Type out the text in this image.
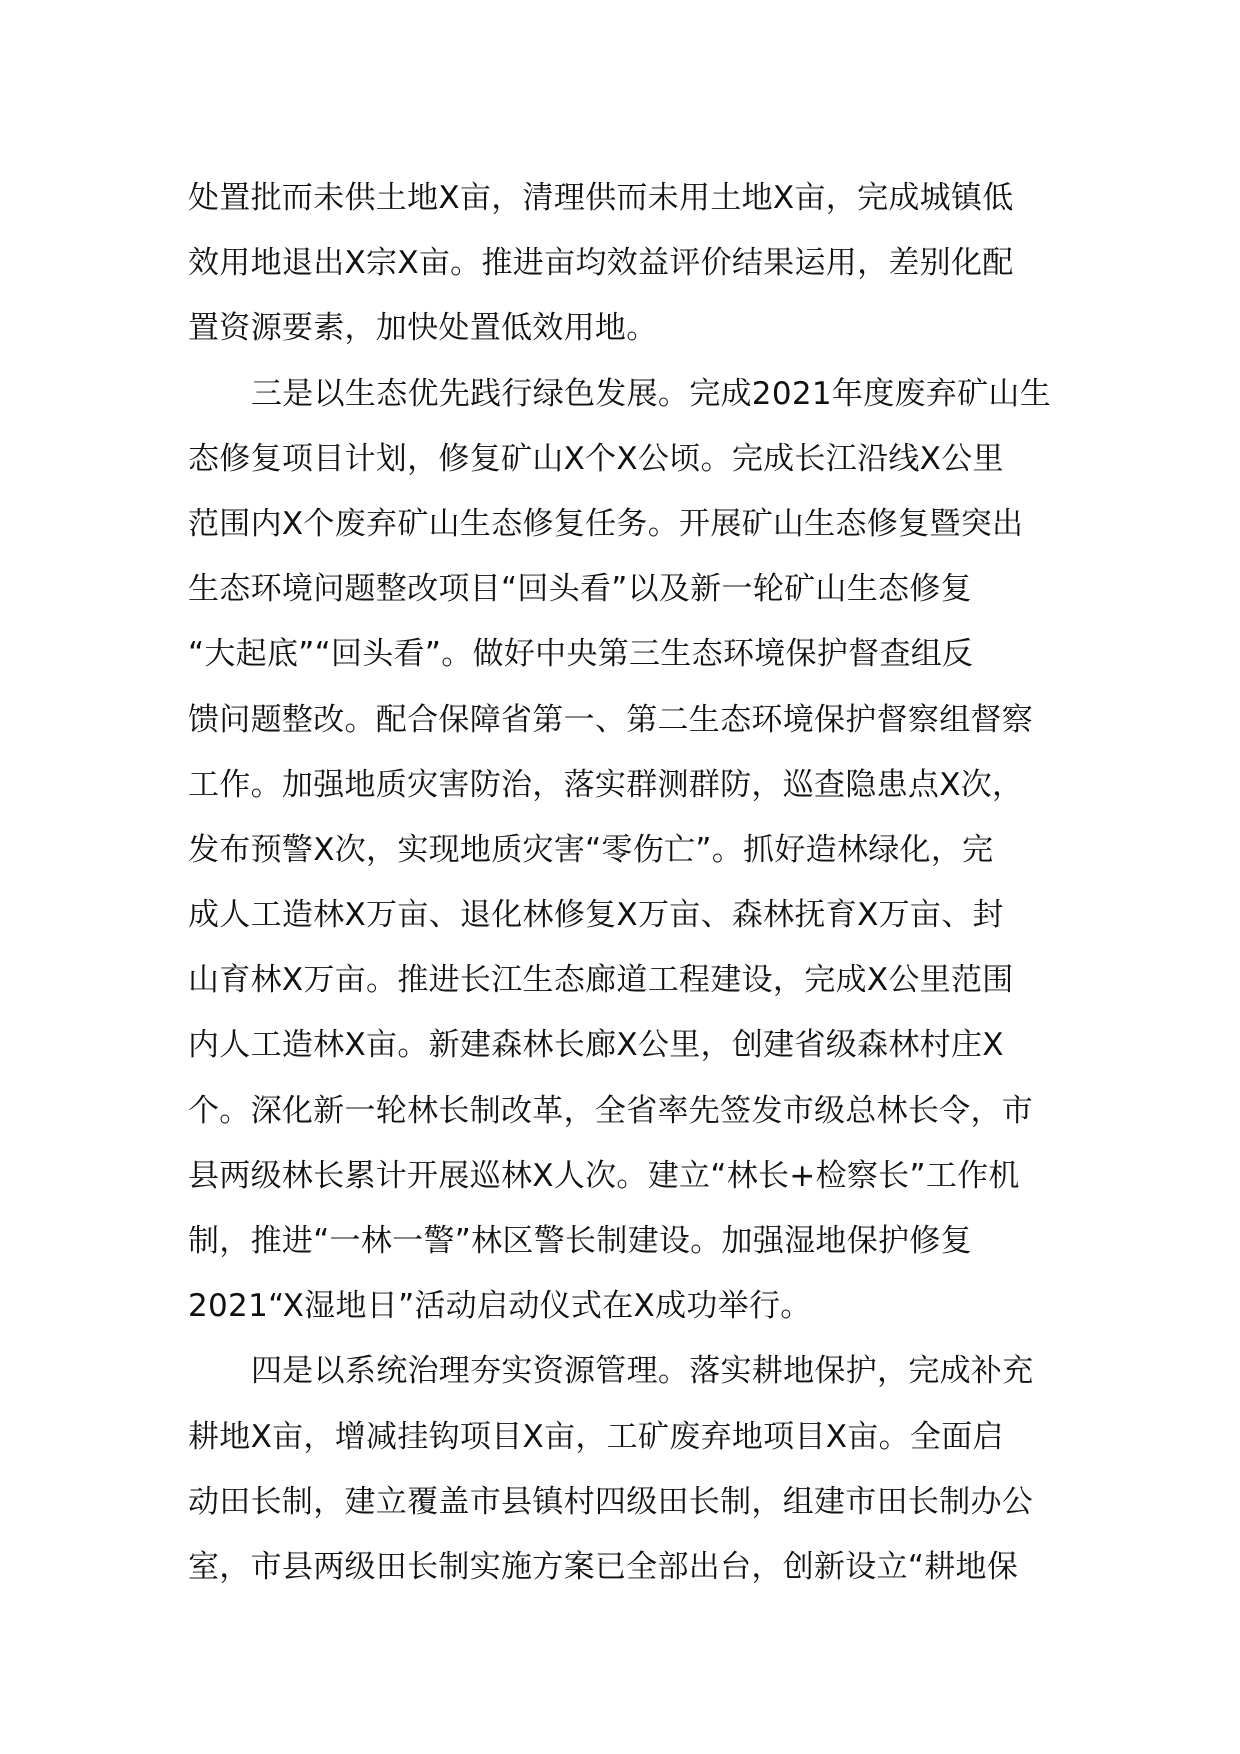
处置批而未供土地X亩，清理供而未用土地X亩，完成城镇低
效用地退出X宗X亩。推进亩均效益评价结果运用，差别化配
置资源要素，加快处置低效用地。
三是以生态优先践行绿色发展。完成2021年度废弃矿山生
态修复项目计划，修复矿山X个X公顷。完成长江沿线X公里
范围内X个废弃矿山生态修复任务。开展矿山生态修复暨突出
生态环境问题整改项目“回头看”以及新一轮矿山生态修复
“大起底”“回头看”。做好中央第三生态环境保护督查组反
馈问题整改。配合保障省第一、第二生态环境保护督察组督察
工作。加强地质灾害防治，落实群测群防，巡查隐患点X次，
发布预警X次，实现地质灾害“零伤亡”。抓好造林绿化，完
成人工造林X万亩、退化林修复X万亩、森林抚育X万亩、封
山育林X万亩。推进长江生态廊道工程建设，完成X公里范围
内人工造林X亩。新建森林长廊X公里，创建省级森林村庄X
个。深化新一轮林长制改革，全省率先签发市级总林长令，市
县两级林长累计开展巡林X人次。建立“林长+检察长”工作机
制，推进“一林一警”林区警长制建设。加强湿地保护修复
2021“X湿地日”活动启动仪式在X成功举行。
四是以系统治理夯实资源管理。落实耕地保护，完成补充
耕地X亩，增减挂钩项目X亩，工矿废弃地项目X亩。全面启
动田长制，建立覆盖市县镇村四级田长制，组建市田长制办公
室，市县两级田长制实施方案已全部出台，创新设立“耕地保
